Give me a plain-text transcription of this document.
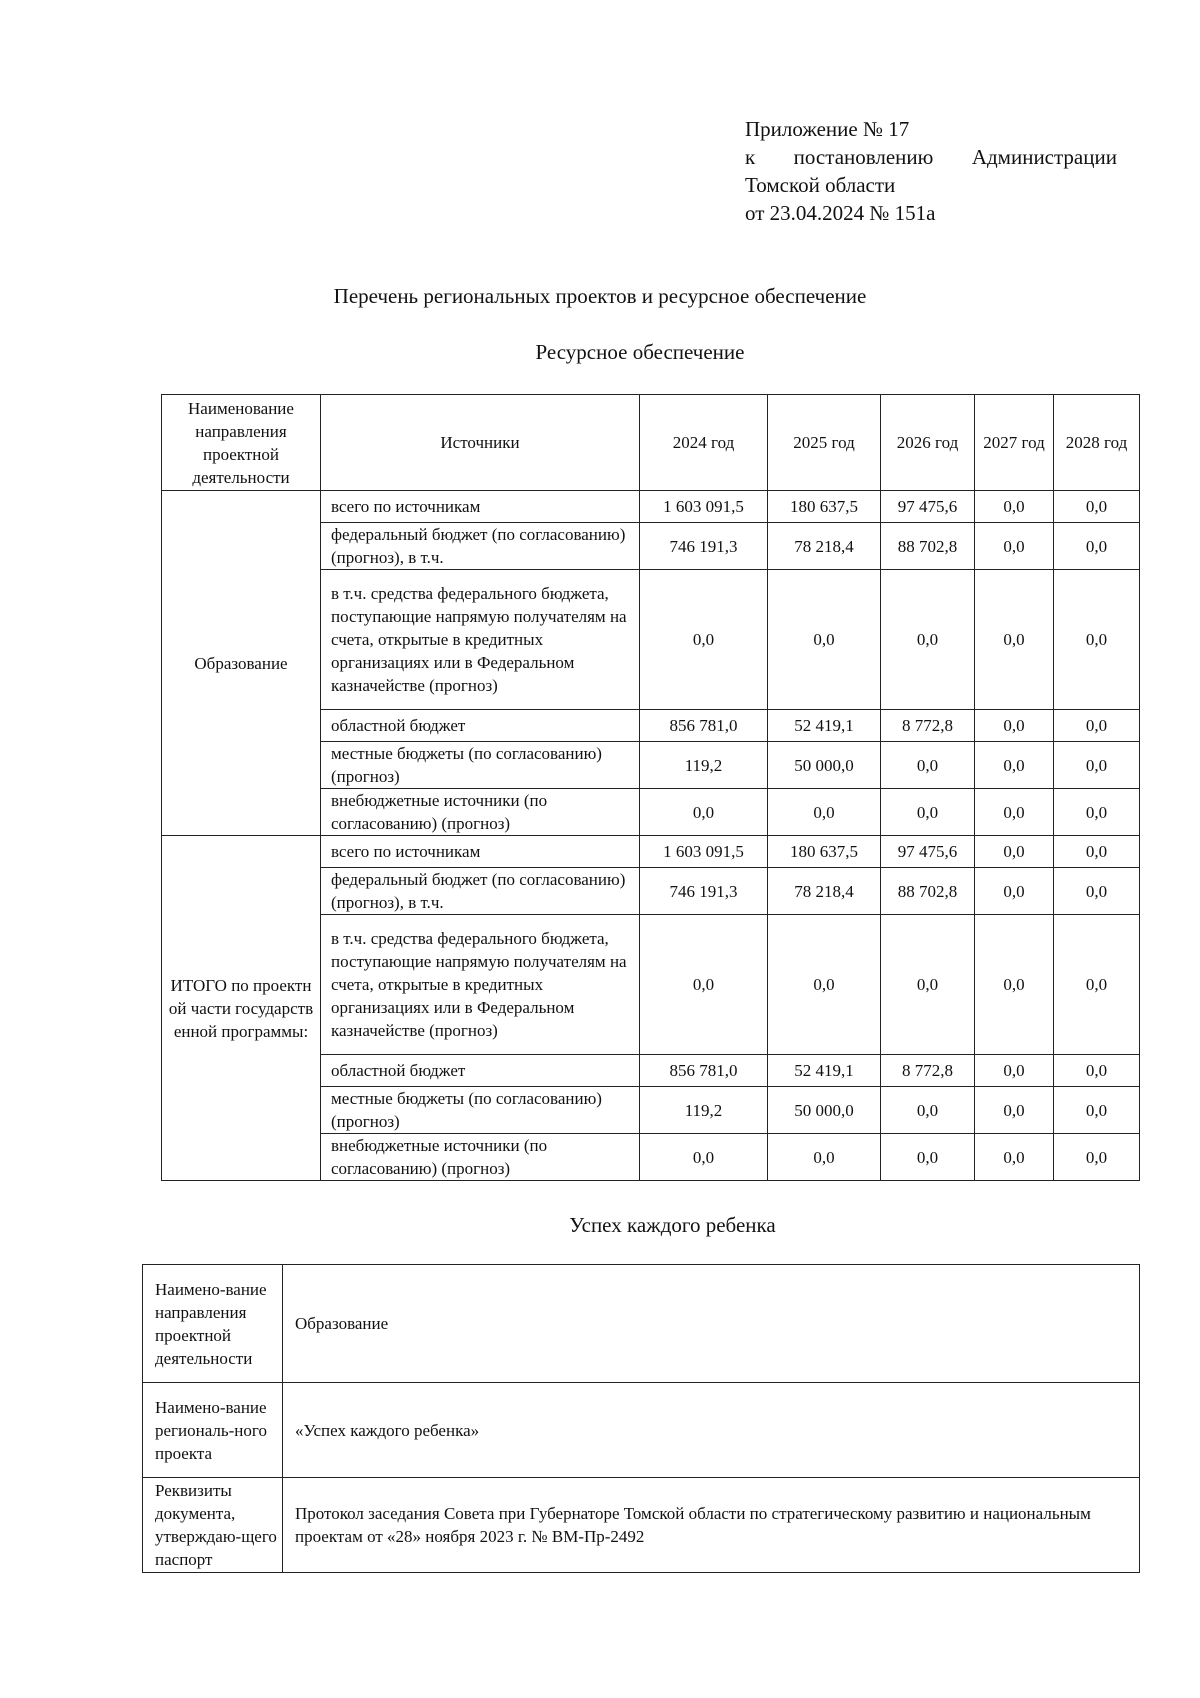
Приложение № 17
к постановлению Администрации
Томской области
от 23.04.2024 № 151а
Перечень региональных проектов и ресурсное обеспечение
Ресурсное обеспечение
Наименование направления проектной деятельности	Источники	2024 год	2025 год	2026 год	2027 год	2028 год
Образование	всего по источникам	1 603 091,5	180 637,5	97 475,6	0,0	0,0
	федеральный бюджет (по согласованию) (прогноз), в т.ч.	746 191,3	78 218,4	88 702,8	0,0	0,0
	в т.ч. средства федерального бюджета, поступающие напрямую получателям на счета, открытые в кредитных организациях или в Федеральном казначействе (прогноз)	0,0	0,0	0,0	0,0	0,0
	областной бюджет	856 781,0	52 419,1	8 772,8	0,0	0,0
	местные бюджеты (по согласованию) (прогноз)	119,2	50 000,0	0,0	0,0	0,0
	внебюджетные источники (по согласованию) (прогноз)	0,0	0,0	0,0	0,0	0,0
ИТОГО по проектной части государственной программы:	всего по источникам	1 603 091,5	180 637,5	97 475,6	0,0	0,0
	федеральный бюджет (по согласованию) (прогноз), в т.ч.	746 191,3	78 218,4	88 702,8	0,0	0,0
	в т.ч. средства федерального бюджета, поступающие напрямую получателям на счета, открытые в кредитных организациях или в Федеральном казначействе (прогноз)	0,0	0,0	0,0	0,0	0,0
	областной бюджет	856 781,0	52 419,1	8 772,8	0,0	0,0
	местные бюджеты (по согласованию) (прогноз)	119,2	50 000,0	0,0	0,0	0,0
	внебюджетные источники (по согласованию) (прогноз)	0,0	0,0	0,0	0,0	0,0
Успех каждого ребенка
Наимено-вание направления проектной деятельности	Образование
Наимено-вание региональ-ного проекта	«Успех каждого ребенка»
Реквизиты документа, утверждаю-щего паспорт	Протокол заседания Совета при Губернаторе Томской области по стратегическому развитию и национальным проектам от «28» ноября 2023 г. № ВМ-Пр-2492
